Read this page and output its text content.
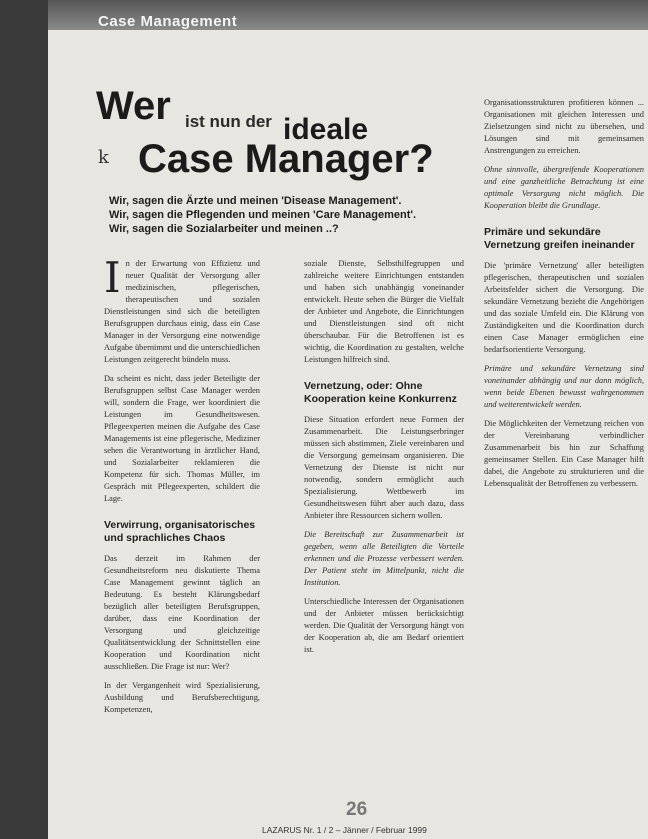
Case Management
Wer ist nun der ideale
k Case Manager?
Wir, sagen die Ärzte und meinen 'Disease Management'.
Wir, sagen die Pflegenden und meinen 'Care Management'.
Wir, sagen die Sozialarbeiter und meinen ..?

In der Erwartung von Effizienz und neuer Qualität der Versorgung aller medizinischen, pflegerischen, therapeutischen und sozialen Dienstleistungen sind sich die beteiligten Berufsgruppen durchaus einig, dass ein Case Manager in der Versorgung eine notwendige Aufgabe übernimmt und die unterschiedlichen Leistungen zeitgerecht bündeln muss.

Da scheint es nicht, dass jeder Beteiligte der Berufsgruppen selbst Case Manager werden will, sondern die Frage, wer koordiniert die Leistungen im Gesundheitswesen. Pflegeexperten meinen die Aufgabe des Case Managements ist eine pflegerische, Mediziner sehen die Verantwortung in ärztlicher Hand, und Sozialarbeiter reklamieren die Kompetenz für sich. Thomas Müller, im Gespräch mit Pflegeexperten, schildert die Lage.

Verwirrung, organisatorisches und sprachliches Chaos

Das derzeit im Rahmen der Gesundheitsreform neu diskutierte Thema Case Management gewinnt täglich an Bedeutung. Es besteht Klärungsbedarf bezüglich aller beteiligten Berufsgruppen, darüber, dass eine Koordination der Versorgung und gleichzeitige Qualitätsentwicklung der Schnittstellen eine Kooperation und Koordination nicht ausschließen. Die Frage ist nur: Wer?

In der Vergangenheit wird Spezialisierung, Ausbildung und Berufsberechtigung, Kompetenzen,

soziale Dienste, Selbsthilfegruppen und zahlreiche weitere Einrichtungen entstanden und haben sich unabhängig voneinander entwickelt. Heute sehen die Bürger die Vielfalt der Anbieter und Angebote, die Einrichtungen und Dienstleistungen sind oft nicht überschaubar. Für die Betroffenen ist es wichtig, die Koordination zu gestalten, welche Leistungen hilfreich sind.

Vernetzung, oder: Ohne Kooperation keine Konkurrenz

Diese Situation erfordert neue Formen der Zusammenarbeit. Die Leistungserbringer müssen sich abstimmen, Ziele vereinbaren und die Versorgung gemeinsam organisieren. Die Vernetzung der Dienste ist nicht nur notwendig, sondern ermöglicht auch Spezialisierung. Wettbewerb im Gesundheitswesen führt aber auch dazu, dass Anbieter ihre Ressourcen sichern wollen.

Die Bereitschaft zur Zusammenarbeit ist gegeben, wenn alle Beteiligten die Vorteile erkennen und die Prozesse verbessert werden. Der Patient steht im Mittelpunkt, nicht die Institution.

Unterschiedliche Interessen der Organisationen und der Anbieter müssen berücksichtigt werden. Die Qualität der Versorgung hängt von der Kooperation ab, die am Bedarf orientiert ist.

Organisationsstrukturen profitieren können ... Organisationen mit gleichen Interessen und Zielsetzungen sind nicht zu übersehen, und Lösungen sind mit gemeinsamen Anstrengungen zu erreichen.

Ohne sinnvolle, übergreifende Kooperationen und eine ganzheitliche Betrachtung ist eine optimale Versorgung nicht möglich. Die Kooperation bleibt die Grundlage.

Primäre und sekundäre Vernetzung greifen ineinander

Die 'primäre Vernetzung' aller beteiligten pflegerischen, therapeutischen und sozialen Arbeitsfelder sichert die Versorgung. Die sekundäre Vernetzung bezieht die Angehörigen und das soziale Umfeld ein. Die Klärung von Zuständigkeiten und die Koordination durch einen Case Manager ermöglichen eine bedarfsorientierte Versorgung.

Primäre und sekundäre Vernetzung sind voneinander abhängig und nur dann möglich, wenn beide Ebenen bewusst wahrgenommen und weiterentwickelt werden.

Die Möglichkeiten der Vernetzung reichen von der Vereinbarung verbindlicher Zusammenarbeit bis hin zur Schaffung gemeinsamer Stellen. Ein Case Manager hilft dabei, die Angebote zu strukturieren und die Lebensqualität der Betroffenen zu verbessern.

26
LAZARUS Nr. 1 / 2 – Jänner / Februar 1999
